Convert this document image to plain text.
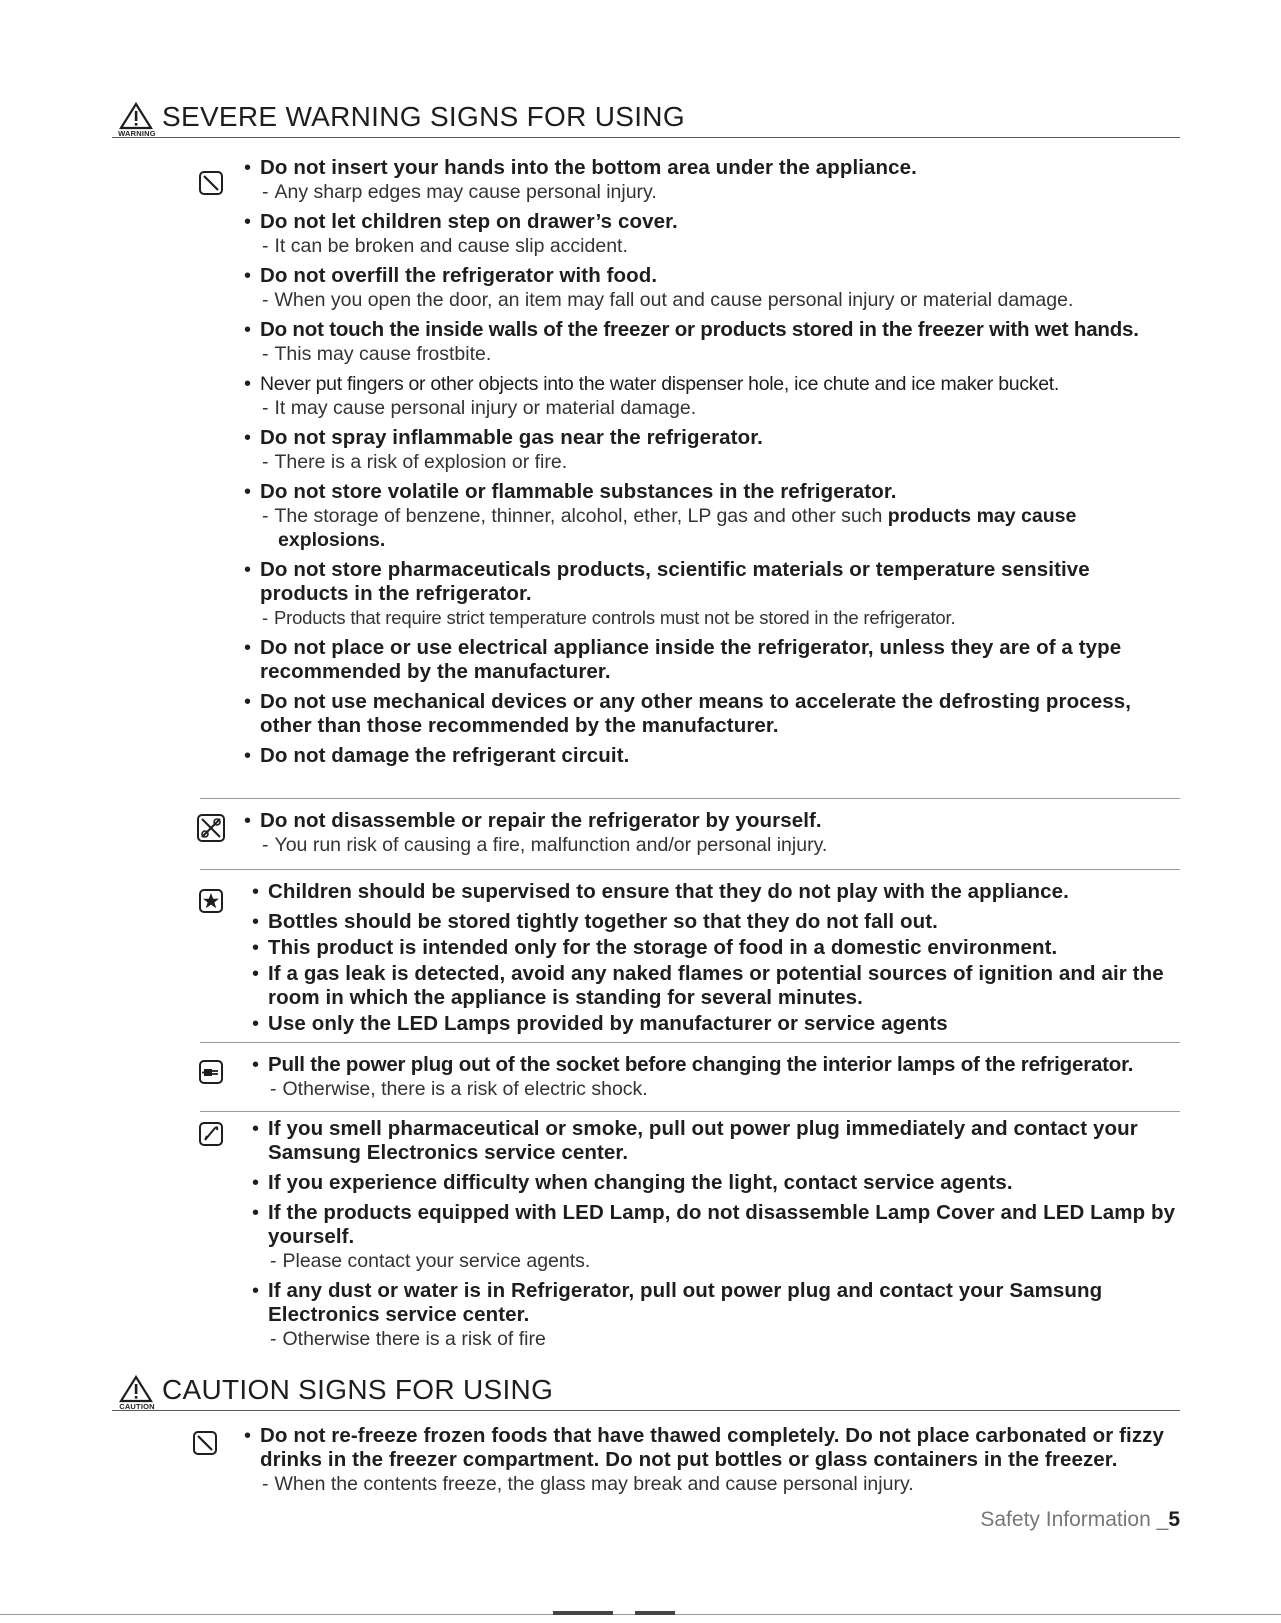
WARNING
SEVERE WARNING SIGNS FOR USING
• Do not insert your hands into the bottom area under the appliance.
- Any sharp edges may cause personal injury.
• Do not let children step on drawer’s cover.
- It can be broken and cause slip accident.
• Do not overfill the refrigerator with food.
- When you open the door, an item may fall out and cause personal injury or material damage.
• Do not touch the inside walls of the freezer or products stored in the freezer with wet hands.
- This may cause frostbite.
• Never put fingers or other objects into the water dispenser hole, ice chute and ice maker bucket.
- It may cause personal injury or material damage.
• Do not spray inflammable gas near the refrigerator.
- There is a risk of explosion or fire.
• Do not store volatile or flammable substances in the refrigerator.
- The storage of benzene, thinner, alcohol, ether, LP gas and other such products may cause explosions.
• Do not store pharmaceuticals products, scientific materials or temperature sensitive products in the refrigerator.
- Products that require strict temperature controls must not be stored in the refrigerator.
• Do not place or use electrical appliance inside the refrigerator, unless they are of a type recommended by the manufacturer.
• Do not use mechanical devices or any other means to accelerate the defrosting process, other than those recommended by the manufacturer.
• Do not damage the refrigerant circuit.
• Do not disassemble or repair the refrigerator by yourself.
- You run risk of causing a fire, malfunction and/or personal injury.
• Children should be supervised to ensure that they do not play with the appliance.
• Bottles should be stored tightly together so that they do not fall out.
• This product is intended only for the storage of food in a domestic environment.
• If a gas leak is detected, avoid any naked flames or potential sources of ignition and air the room in which the appliance is standing for several minutes.
• Use only the LED Lamps provided by manufacturer or service agents
• Pull the power plug out of the socket before changing the interior lamps of the refrigerator.
- Otherwise, there is a risk of electric shock.
• If you smell pharmaceutical or smoke, pull out power plug immediately and contact your Samsung Electronics service center.
• If you experience difficulty when changing the light, contact service agents.
• If the products equipped with LED Lamp, do not disassemble Lamp Cover and LED Lamp by yourself.
- Please contact your service agents.
• If any dust or water is in Refrigerator, pull out power plug and contact your Samsung Electronics service center.
- Otherwise there is a risk of fire
CAUTION
CAUTION SIGNS FOR USING
• Do not re-freeze frozen foods that have thawed completely. Do not place carbonated or fizzy drinks in the freezer compartment. Do not put bottles or glass containers in the freezer.
- When the contents freeze, the glass may break and cause personal injury.
Safety Information _5
